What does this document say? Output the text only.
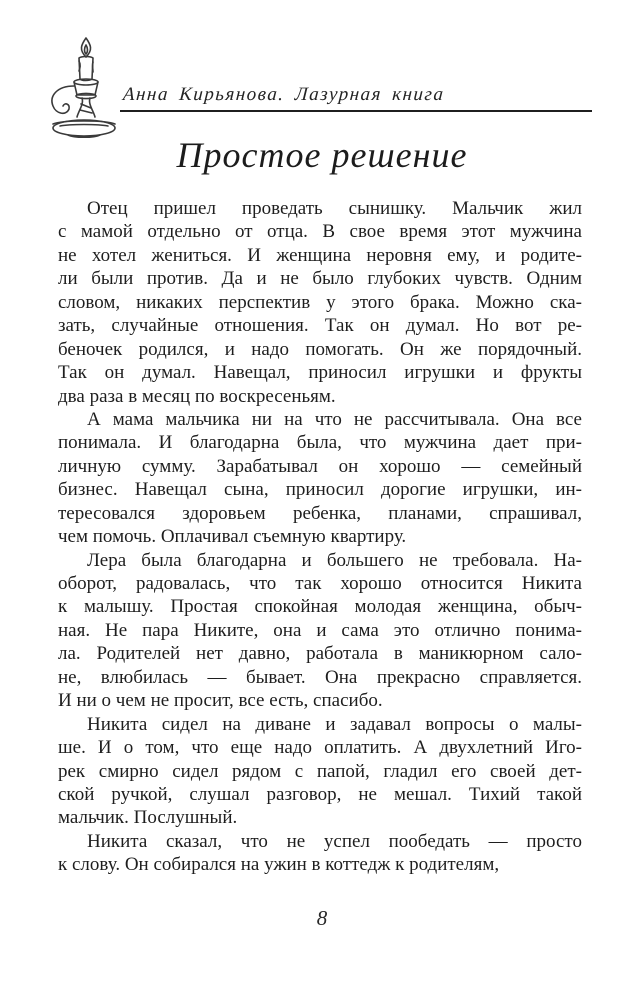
Анна Кирьянова. Лазурная книга
Простое решение
Отец пришел проведать сынишку. Мальчик жил
с мамой отдельно от отца. В свое время этот мужчина
не хотел жениться. И женщина неровня ему, и родите-
ли были против. Да и не было глубоких чувств. Одним
словом, никаких перспектив у этого брака. Можно ска-
зать, случайные отношения. Так он думал. Но вот ре-
беночек родился, и надо помогать. Он же порядочный.
Так он думал. Навещал, приносил игрушки и фрукты
два раза в месяц по воскресеньям.
А мама мальчика ни на что не рассчитывала. Она все
понимала. И благодарна была, что мужчина дает при-
личную сумму. Зарабатывал он хорошо — семейный
бизнес. Навещал сына, приносил дорогие игрушки, ин-
тересовался здоровьем ребенка, планами, спрашивал,
чем помочь. Оплачивал съемную квартиру.
Лера была благодарна и большего не требовала. На-
оборот, радовалась, что так хорошо относится Никита
к малышу. Простая спокойная молодая женщина, обыч-
ная. Не пара Никите, она и сама это отлично понима-
ла. Родителей нет давно, работала в маникюрном сало-
не, влюбилась — бывает. Она прекрасно справляется.
И ни о чем не просит, все есть, спасибо.
Никита сидел на диване и задавал вопросы о малы-
ше. И о том, что еще надо оплатить. А двухлетний Иго-
рек смирно сидел рядом с папой, гладил его своей дет-
ской ручкой, слушал разговор, не мешал. Тихий такой
мальчик. Послушный.
Никита сказал, что не успел пообедать — просто
к слову. Он собирался на ужин в коттедж к родителям,
8
